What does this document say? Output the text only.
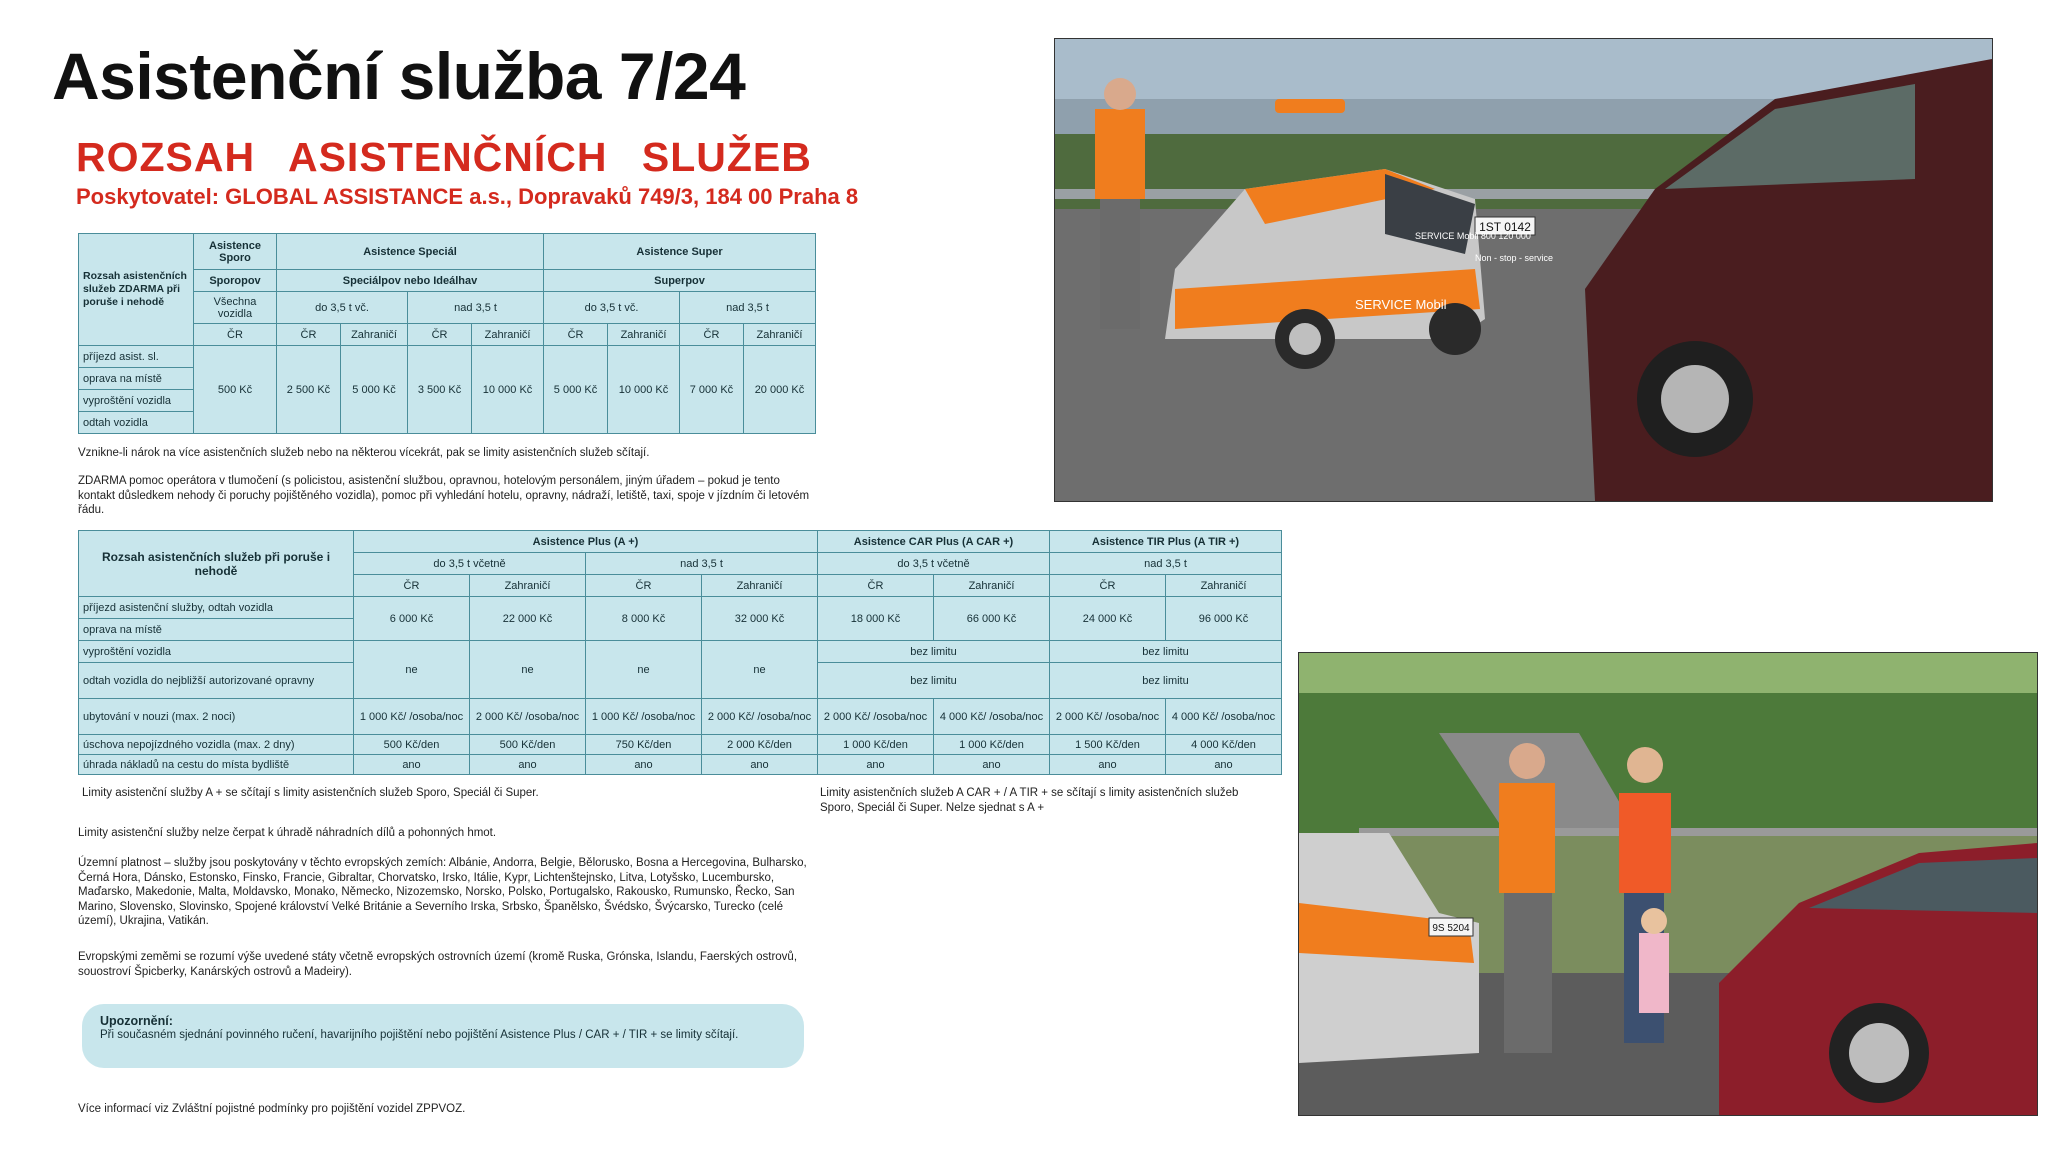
Asistenční služba 7/24
ROZSAH ASISTENČNÍCH SLUŽEB
Poskytovatel: GLOBAL ASSISTANCE a.s., Dopravaků 749/3, 184 00 Praha 8
Rozsah asistenčních služeb ZDARMA při poruše i nehodě	Asistence Sporo	Asistence Speciál				Asistence Super			
	Sporopov	Speciálpov nebo Ideálhav				Superpov			
	Všechna vozidla	do 3,5 t vč.		nad 3,5 t		do 3,5 t vč.		nad 3,5 t	
	ČR	ČR	Zahraničí	ČR	Zahraničí	ČR	Zahraničí	ČR	Zahraničí
příjezd asist. sl.	500 Kč	2 500 Kč	5 000 Kč	3 500 Kč	10 000 Kč	5 000 Kč	10 000 Kč	7 000 Kč	20 000 Kč
oprava na místě									
vyproštění vozidla									
odtah vozidla									

Vznikne-li nárok na více asistenčních služeb nebo na některou vícekrát, pak se limity asistenčních služeb sčítají.

ZDARMA pomoc operátora v tlumočení (s policistou, asistenční službou, opravnou, hotelovým personálem, jiným úřadem – pokud je tento kontakt důsledkem nehody či poruchy pojištěného vozidla), pomoc při vyhledání hotelu, opravny, nádraží, letiště, taxi, spoje v jízdním či letovém řádu.

Rozsah asistenčních služeb při poruše i nehodě	Asistence Plus (A +)				Asistence CAR Plus (A CAR +)		Asistence TIR Plus (A TIR +)	
	do 3,5 t včetně		nad 3,5 t		do 3,5 t včetně		nad 3,5 t	
	ČR	Zahraničí	ČR	Zahraničí	ČR	Zahraničí	ČR	Zahraničí
příjezd asistenční služby, odtah vozidla	6 000 Kč	22 000 Kč	8 000 Kč	32 000 Kč	18 000 Kč	66 000 Kč	24 000 Kč	96 000 Kč
oprava na místě								
vyproštění vozidla	ne	ne	ne	ne	bez limitu		bez limitu	
odtah vozidla do nejbližší autorizované opravny					bez limitu		bez limitu	
ubytování v nouzi (max. 2 noci)	1 000 Kč/ /osoba/noc	2 000 Kč/ /osoba/noc	1 000 Kč/ /osoba/noc	2 000 Kč/ /osoba/noc	2 000 Kč/ /osoba/noc	4 000 Kč/ /osoba/noc	2 000 Kč/ /osoba/noc	4 000 Kč/ /osoba/noc
úschova nepojízdného vozidla (max. 2 dny)	500 Kč/den	500 Kč/den	750 Kč/den	2 000 Kč/den	1 000 Kč/den	1 000 Kč/den	1 500 Kč/den	4 000 Kč/den
úhrada nákladů na cestu do místa bydliště	ano	ano	ano	ano	ano	ano	ano	ano

Limity asistenční služby A + se sčítají s limity asistenčních služeb Sporo, Speciál či Super.	Limity asistenčních služeb A CAR + / A TIR + se sčítají s limity asistenčních služeb Sporo, Speciál či Super. Nelze sjednat s A +

Limity asistenční služby nelze čerpat k úhradě náhradních dílů a pohonných hmot.

Územní platnost – služby jsou poskytovány v těchto evropských zemích: Albánie, Andorra, Belgie, Bělorusko, Bosna a Hercegovina, Bulharsko, Černá Hora, Dánsko, Estonsko, Finsko, Francie, Gibraltar, Chorvatsko, Irsko, Itálie, Kypr, Lichtenštejnsko, Litva, Lotyšsko, Lucembursko, Maďarsko, Makedonie, Malta, Moldavsko, Monako, Německo, Nizozemsko, Norsko, Polsko, Portugalsko, Rakousko, Rumunsko, Řecko, San Marino, Slovensko, Slovinsko, Spojené království Velké Británie a Severního Irska, Srbsko, Španělsko, Švédsko, Švýcarsko, Turecko (celé území), Ukrajina, Vatikán.

Evropskými zeměmi se rozumí výše uvedené státy včetně evropských ostrovních území (kromě Ruska, Grónska, Islandu, Faerských ostrovů, souostroví Špicberky, Kanárských ostrovů a Madeiry).

Upozornění:
Při současném sjednání povinného ručení, havarijního pojištění nebo pojištění Asistence Plus / CAR + / TIR + se limity sčítají.

Více informací viz Zvláštní pojistné podmínky pro pojištění vozidel ZPPVOZ.

1ST 0142
SERVICE Mobil
SERVICE Mobil 800 120 000
Non - stop - service
9S 5204
